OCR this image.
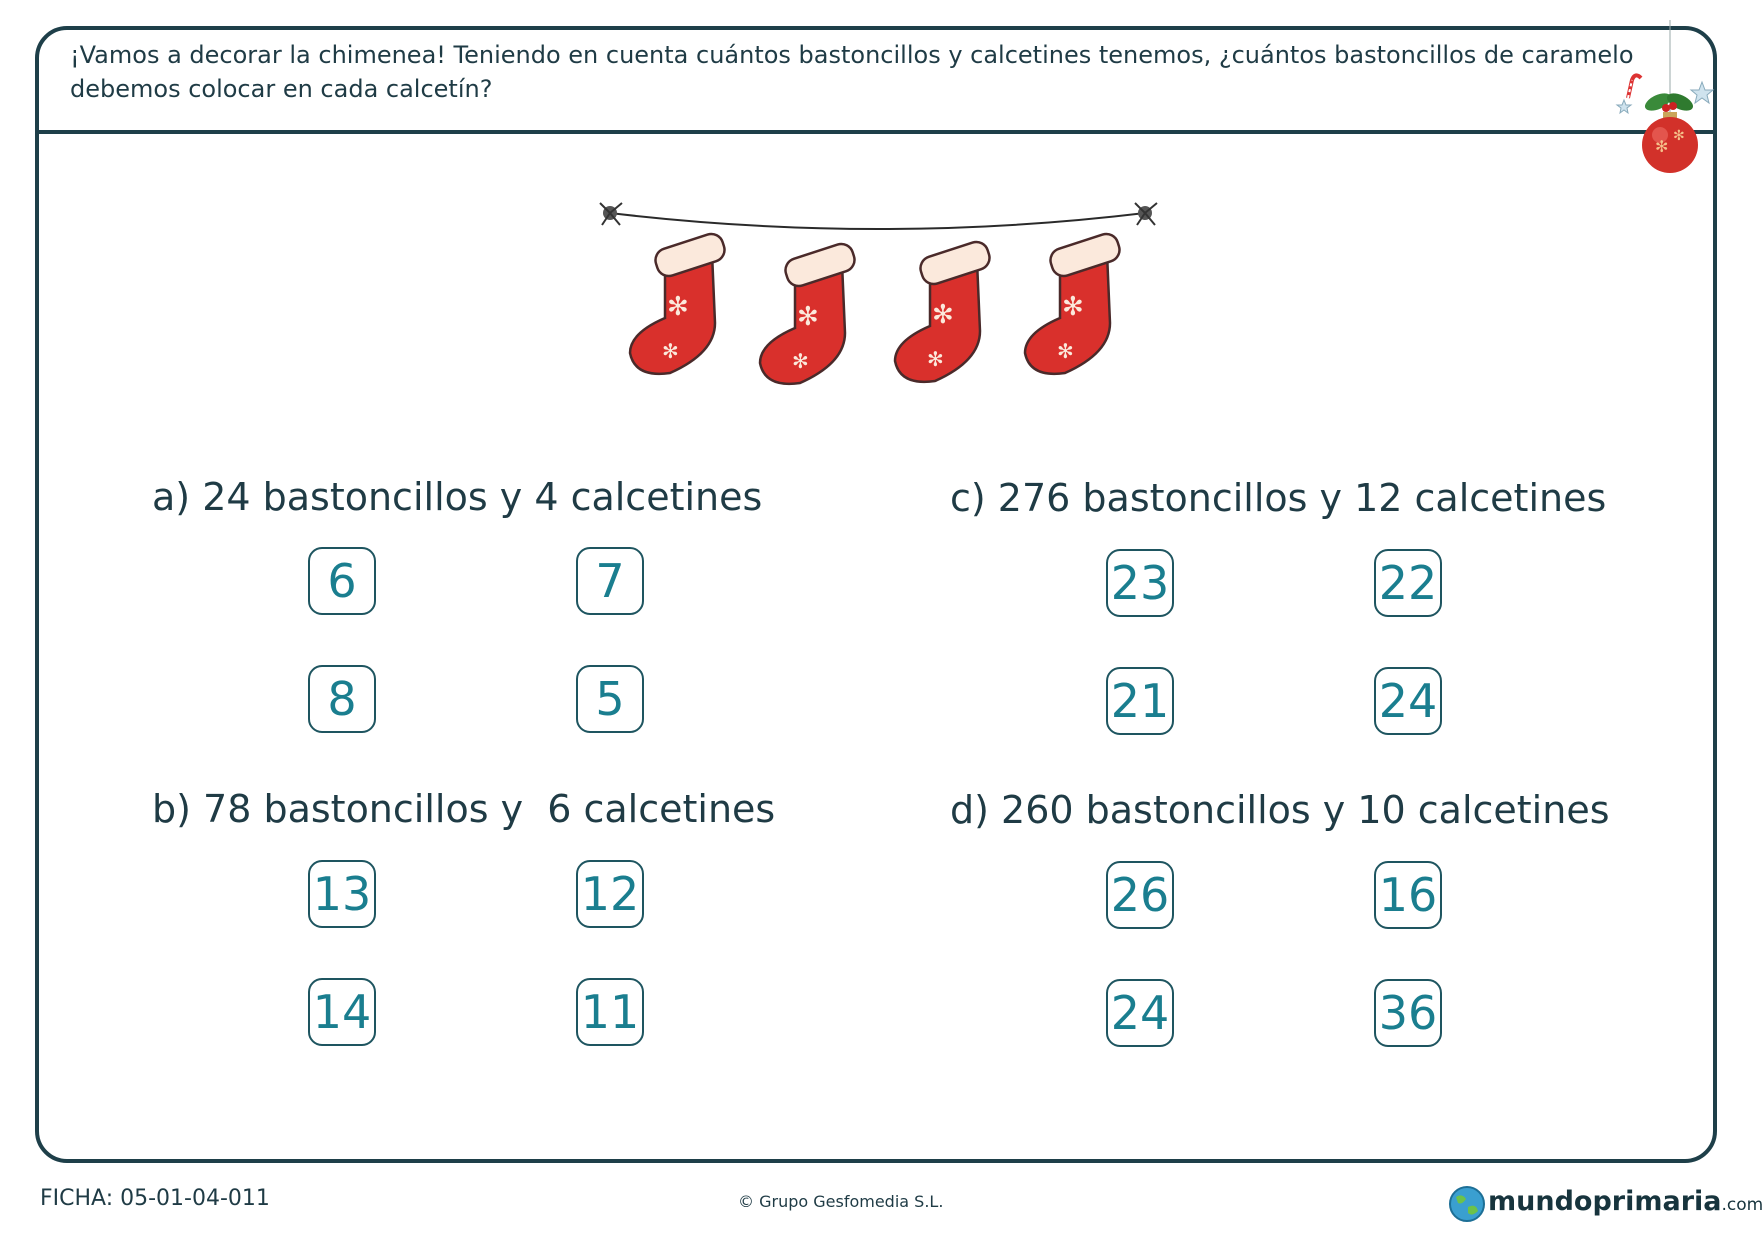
¡Vamos a decorar la chimenea! Teniendo en cuenta cuántos bastoncillos y calcetines tenemos, ¿cuántos bastoncillos de caramelo debemos colocar en cada calcetín?
✻
✻
✻
✻
✻
✻
✻
✻
✻
✻
a) 24 bastoncillos y 4 calcetines
6	7
8	5
b) 78 bastoncillos y  6 calcetines
13	12
14	11
c) 276 bastoncillos y 12 calcetines
23	22
21	24
d) 260 bastoncillos y 10 calcetines
26	16
24	36
FICHA: 05-01-04-011	© Grupo Gesfomedia S.L.	mundoprimaria.com
